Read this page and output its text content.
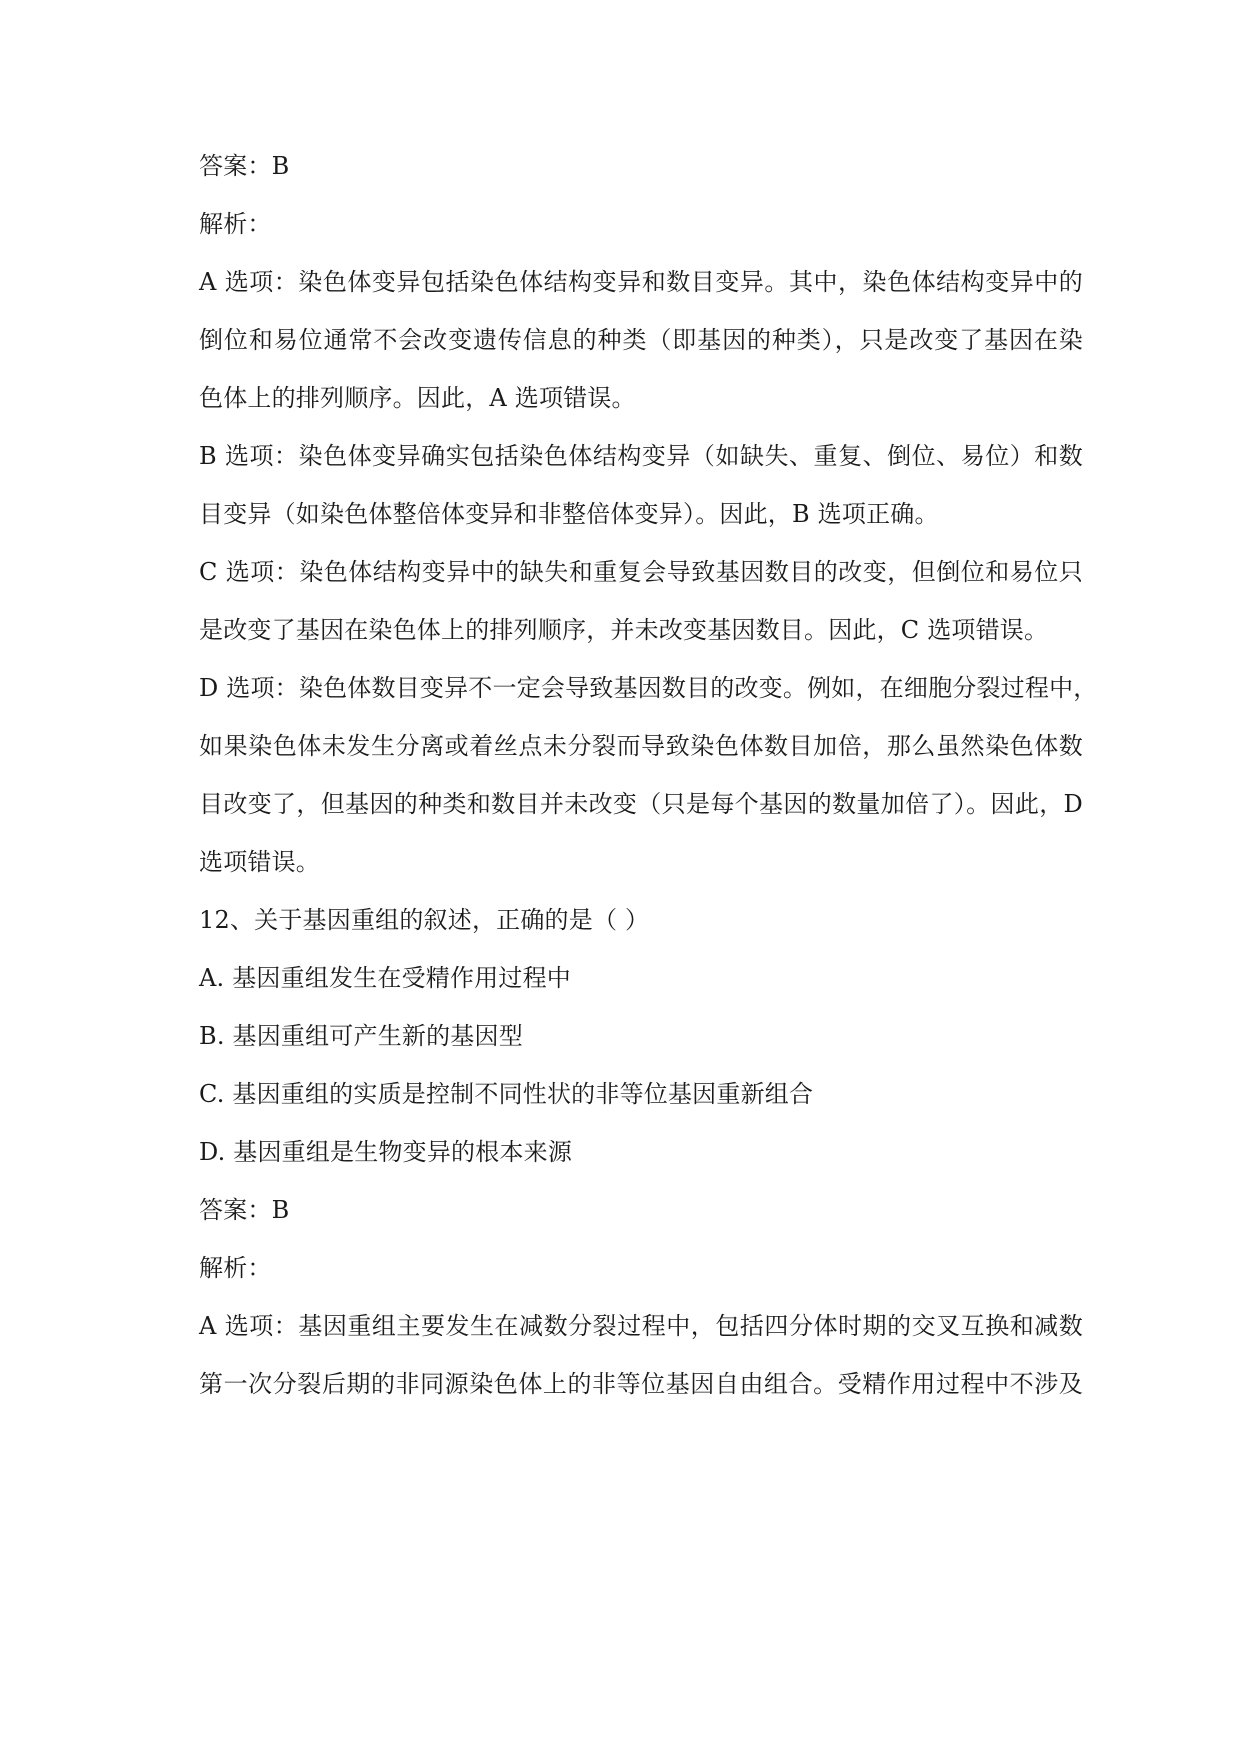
答案：B
解析：
A 选项：染色体变异包括染色体结构变异和数目变异。其中，染色体结构变异中的
倒位和易位通常不会改变遗传信息的种类（即基因的种类），只是改变了基因在染
色体上的排列顺序。因此，A 选项错误。
B 选项：染色体变异确实包括染色体结构变异（如缺失、重复、倒位、易位）和数
目变异（如染色体整倍体变异和非整倍体变异）。因此，B 选项正确。
C 选项：染色体结构变异中的缺失和重复会导致基因数目的改变，但倒位和易位只
是改变了基因在染色体上的排列顺序，并未改变基因数目。因此，C 选项错误。
D 选项：染色体数目变异不一定会导致基因数目的改变。例如，在细胞分裂过程中，
如果染色体未发生分离或着丝点未分裂而导致染色体数目加倍，那么虽然染色体数
目改变了，但基因的种类和数目并未改变（只是每个基因的数量加倍了）。因此，D
选项错误。
12、关于基因重组的叙述，正确的是（ ）
A. 基因重组发生在受精作用过程中
B. 基因重组可产生新的基因型
C. 基因重组的实质是控制不同性状的非等位基因重新组合
D. 基因重组是生物变异的根本来源
答案：B
解析：
A 选项：基因重组主要发生在减数分裂过程中，包括四分体时期的交叉互换和减数
第一次分裂后期的非同源染色体上的非等位基因自由组合。受精作用过程中不涉及
